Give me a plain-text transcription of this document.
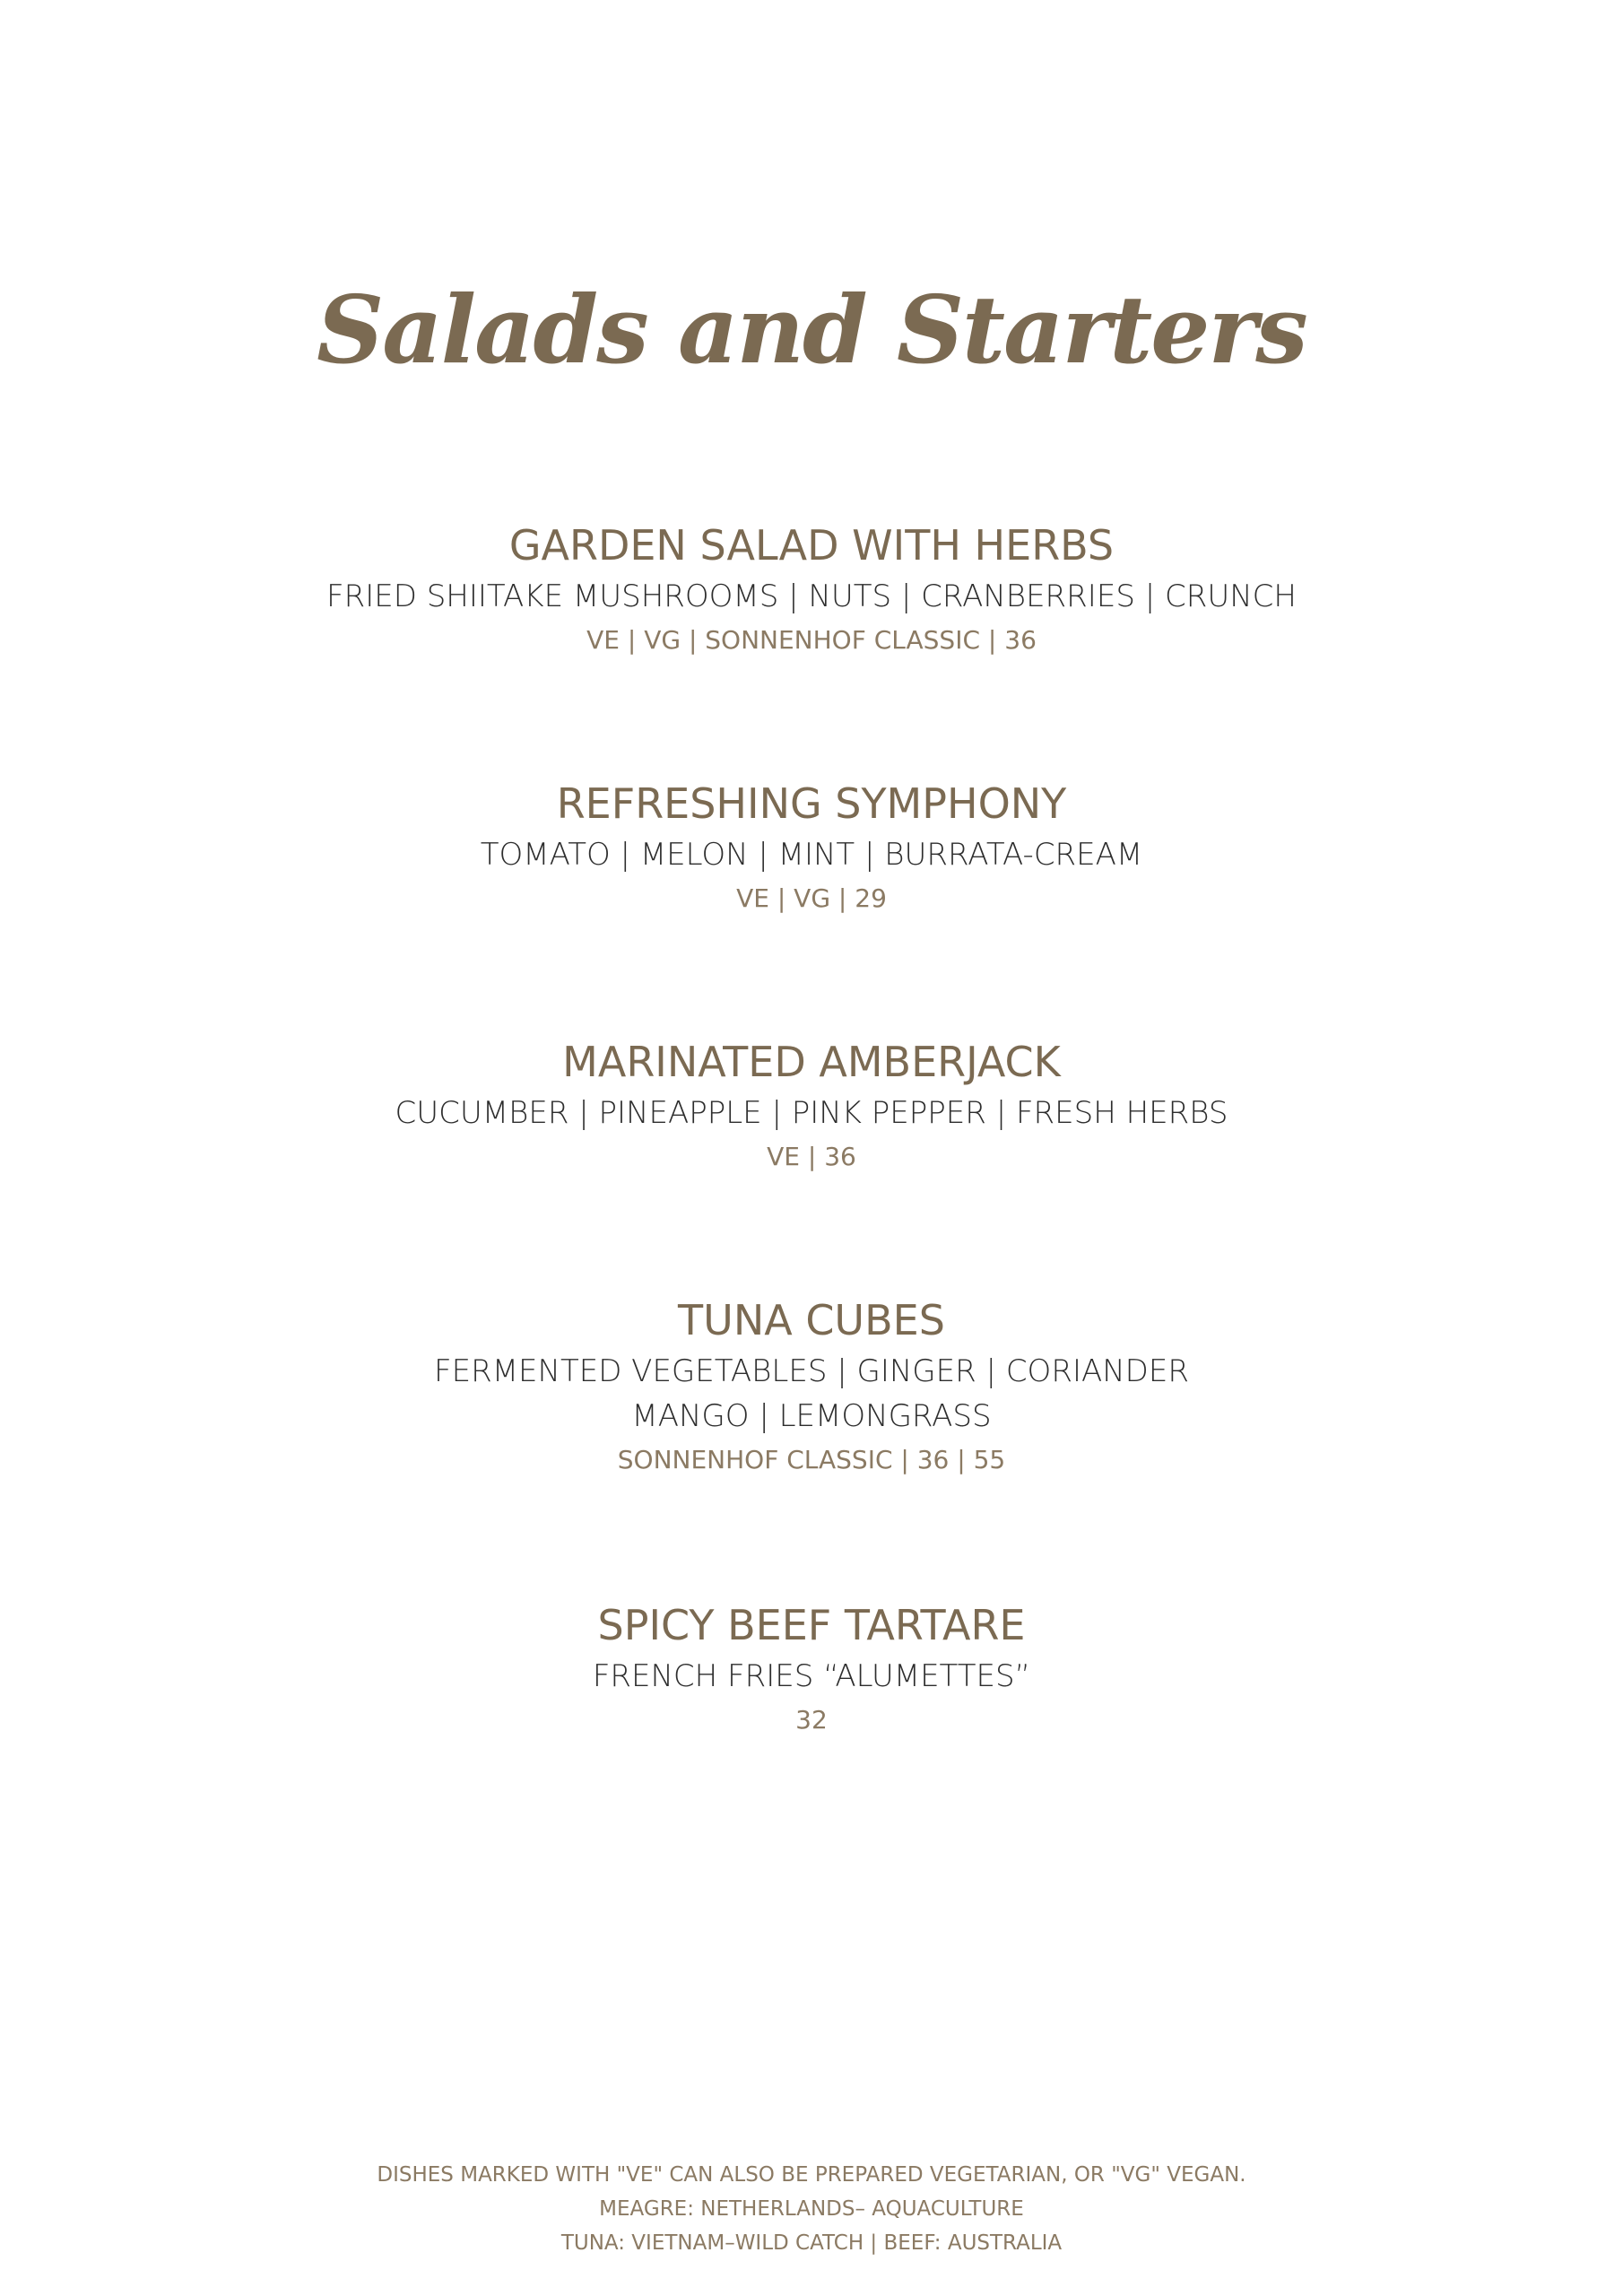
Salads and Starters
GARDEN SALAD WITH HERBS
FRIED SHIITAKE MUSHROOMS | NUTS | CRANBERRIES | CRUNCH
VE | VG | SONNENHOF CLASSIC | 36
REFRESHING SYMPHONY
TOMATO | MELON | MINT | BURRATA-CREAM
VE | VG | 29
MARINATED AMBERJACK
CUCUMBER | PINEAPPLE | PINK PEPPER | FRESH HERBS
VE | 36
TUNA CUBES
FERMENTED VEGETABLES | GINGER | CORIANDER
MANGO | LEMONGRASS
SONNENHOF CLASSIC | 36 | 55
SPICY BEEF TARTARE
FRENCH FRIES “ALUMETTES”
32
DISHES MARKED WITH "VE" CAN ALSO BE PREPARED VEGETARIAN, OR "VG" VEGAN.
MEAGRE: NETHERLANDS– AQUACULTURE
TUNA: VIETNAM–WILD CATCH | BEEF: AUSTRALIA
